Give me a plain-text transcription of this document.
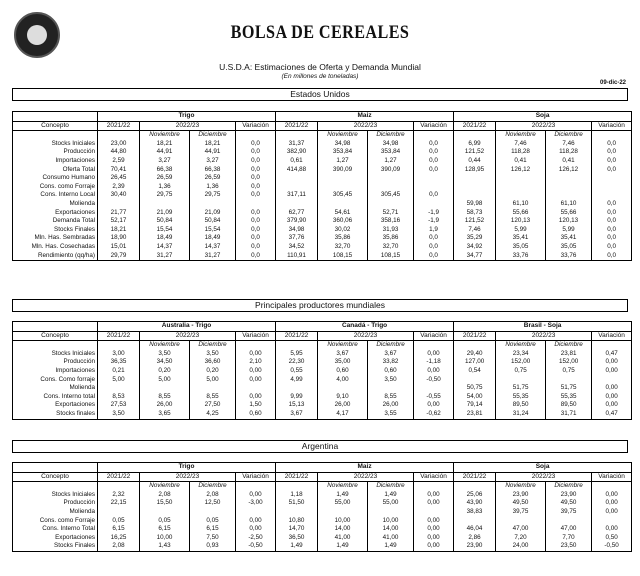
BOLSA DE CEREALES
U.S.D.A: Estimaciones de Oferta y Demanda Mundial
(En millones de toneladas)
09-dic-22
Estados Unidos
	Trigo				Maiz				Soja			
Concepto	2021/22	2022/23		Variación	2021/22	2022/23		Variación	2021/22	2022/23		Variación
		Noviembre	Diciembre			Noviembre	Diciembre			Noviembre	Diciembre	
Stocks Iniciales	23,00	18,21	18,21	0,0	31,37	34,98	34,98	0,0	6,99	7,46	7,46	0,0
Producción	44,80	44,91	44,91	0,0	382,90	353,84	353,84	0,0	121,52	118,28	118,28	0,0
Importaciones	2,59	3,27	3,27	0,0	0,61	1,27	1,27	0,0	0,44	0,41	0,41	0,0
Oferta Total	70,41	66,38	66,38	0,0	414,88	390,09	390,09	0,0	128,95	126,12	126,12	0,0
Consumo Humano	26,45	26,59	26,59	0,0								
Cons. como Forraje	2,39	1,36	1,36	0,0								
Cons. Interno Local	30,40	29,75	29,75	0,0	317,11	305,45	305,45	0,0				
Molienda									59,98	61,10	61,10	0,0
Exportaciones	21,77	21,09	21,09	0,0	62,77	54,61	52,71	-1,9	58,73	55,66	55,66	0,0
Demanda Total	52,17	50,84	50,84	0,0	379,90	360,06	358,16	-1,9	121,52	120,13	120,13	0,0
Stocks Finales	18,21	15,54	15,54	0,0	34,98	30,02	31,93	1,9	7,46	5,99	5,99	0,0
Mln. Has. Sembradas	18,90	18,49	18,49	0,0	37,76	35,86	35,86	0,0	35,29	35,41	35,41	0,0
Mln. Has. Cosechadas	15,01	14,37	14,37	0,0	34,52	32,70	32,70	0,0	34,92	35,05	35,05	0,0
Rendimiento (qq/ha)	29,79	31,27	31,27	0,0	110,91	108,15	108,15	0,0	34,77	33,76	33,76	0,0
Principales productores mundiales
	Australia - Trigo				Canadá - Trigo				Brasil - Soja			
Concepto	2021/22	2022/23		Variación	2021/22	2022/23		Variación	2021/22	2022/23		Variación
		Noviembre	Diciembre			Noviembre	Diciembre			Noviembre	Diciembre	
Stocks Iniciales	3,00	3,50	3,50	0,00	5,95	3,67	3,67	0,00	29,40	23,34	23,81	0,47
Producción	36,35	34,50	36,60	2,10	22,30	35,00	33,82	-1,18	127,00	152,00	152,00	0,00
Importaciones	0,21	0,20	0,20	0,00	0,55	0,60	0,60	0,00	0,54	0,75	0,75	0,00
Cons. Como forraje	5,00	5,00	5,00	0,00	4,99	4,00	3,50	-0,50				
Molienda									50,75	51,75	51,75	0,00
Cons. Interno total	8,53	8,55	8,55	0,00	9,99	9,10	8,55	-0,55	54,00	55,35	55,35	0,00
Exportaciones	27,53	26,00	27,50	1,50	15,13	26,00	26,00	0,00	79,14	89,50	89,50	0,00
Stocks finales	3,50	3,65	4,25	0,60	3,67	4,17	3,55	-0,62	23,81	31,24	31,71	0,47
Argentina
	Trigo				Maiz				Soja			
Concepto	2021/22	2022/23		Variación	2021/22	2022/23		Variación	2021/22	2022/23		Variación
		Noviembre	Diciembre			Noviembre	Diciembre			Noviembre	Diciembre	
Stocks Iniciales	2,32	2,08	2,08	0,00	1,18	1,49	1,49	0,00	25,06	23,90	23,90	0,00
Producción	22,15	15,50	12,50	-3,00	51,50	55,00	55,00	0,00	43,90	49,50	49,50	0,00
Molienda									38,83	39,75	39,75	0,00
Cons. como Forraje	0,05	0,05	0,05	0,00	10,80	10,00	10,00	0,00				
Cons. Interno Total	6,15	6,15	6,15	0,00	14,70	14,00	14,00	0,00	46,04	47,00	47,00	0,00
Exportaciones	16,25	10,00	7,50	-2,50	36,50	41,00	41,00	0,00	2,86	7,20	7,70	0,50
Stocks Finales	2,08	1,43	0,93	-0,50	1,49	1,49	1,49	0,00	23,90	24,00	23,50	-0,50
